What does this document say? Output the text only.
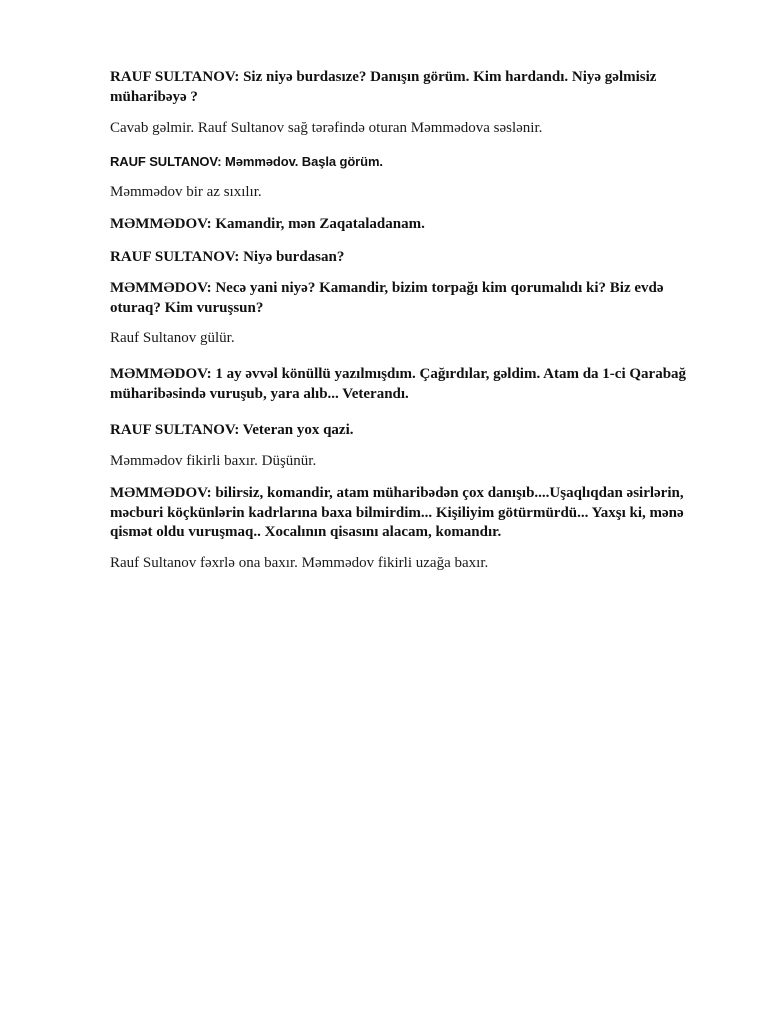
RAUF SULTANOV: Siz niyə burdasıze? Danışın görüm. Kim hardandı. Niyə gəlmisiz müharibəyə ?

Cavab gəlmir. Rauf Sultanov sağ tərəfində oturan Məmmədova səslənir.

RAUF SULTANOV: Məmmədov. Başla görüm.

Məmmədov bir az sıxılır.

MƏMMƏDOV: Kamandir, mən Zaqataladanam.

RAUF SULTANOV: Niyə burdasan?

MƏMMƏDOV: Necə yani niyə? Kamandir, bizim torpağı kim qorumalıdı ki? Biz evdə oturaq? Kim vuruşsun?

Rauf Sultanov gülür.

MƏMMƏDOV: 1 ay əvvəl könüllü yazılmışdım. Çağırdılar, gəldim. Atam da 1-ci Qarabağ müharibəsində vuruşub, yara alıb... Veterandı.

RAUF SULTANOV: Veteran yox qazi.

Məmmədov fikirli baxır. Düşünür.

MƏMMƏDOV: bilirsiz, komandir, atam müharibədən çox danışıb....Uşaqlıqdan əsirlərin, məcburi köçkünlərin kadrlarına baxa bilmirdim... Kişiliyim götürmürdü... Yaxşı ki, mənə qismət oldu vuruşmaq.. Xocalının qisasını alacam, komandır.

Rauf Sultanov fəxrlə ona baxır. Məmmədov fikirli uzağa baxır.
